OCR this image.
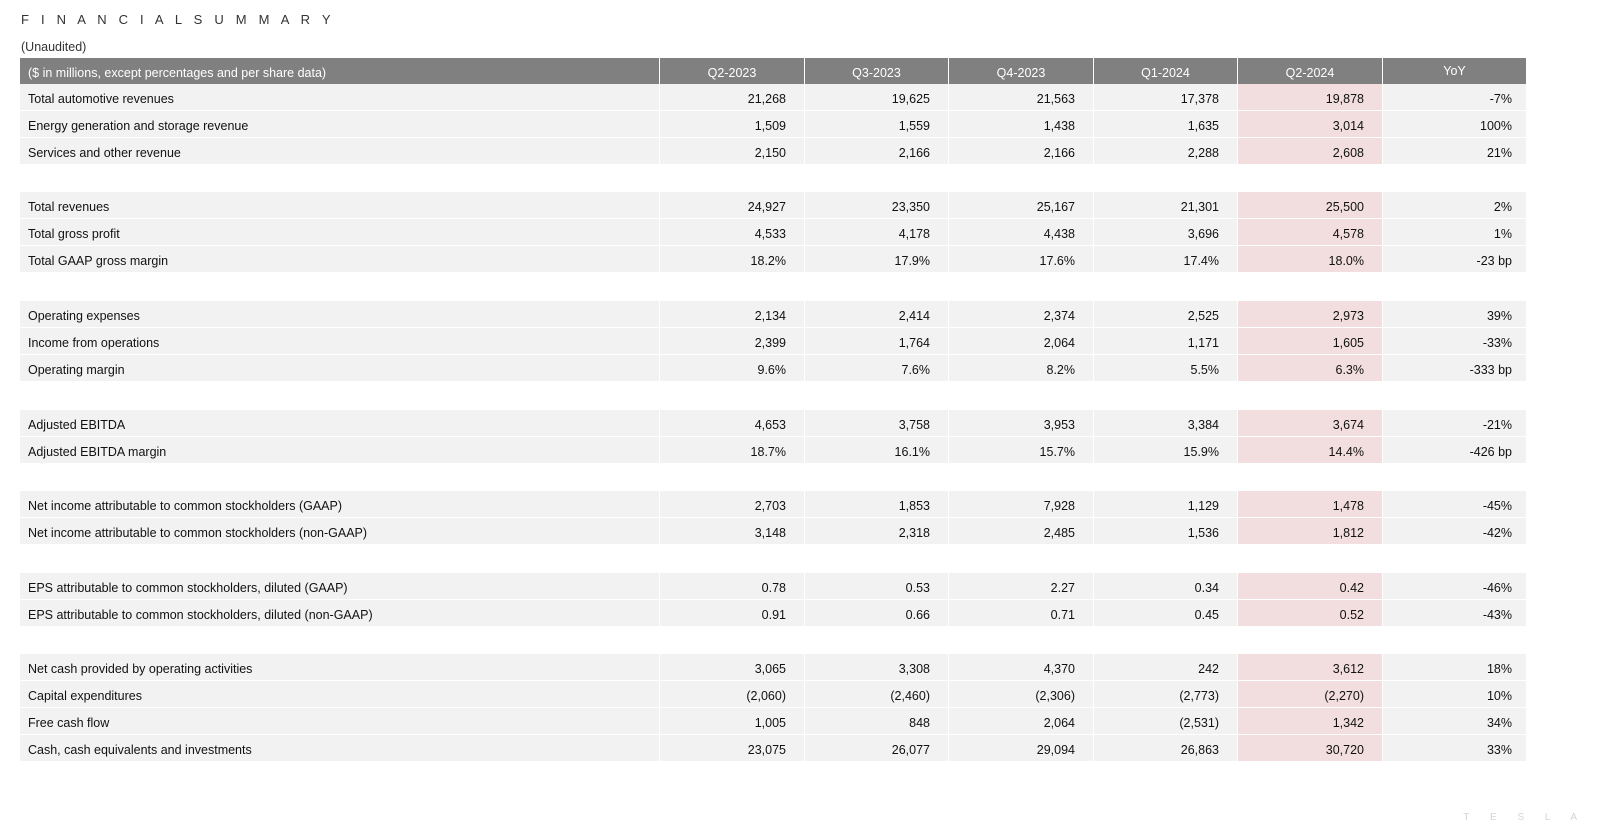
F I N A N C I A L S U M M A R Y
(Unaudited)
($ in millions, except percentages and per share data)	Q2-2023	Q3-2023	Q4-2023	Q1-2024	Q2-2024	YoY
Total automotive revenues	21,268	19,625	21,563	17,378	19,878	-7%
Energy generation and storage revenue	1,509	1,559	1,438	1,635	3,014	100%
Services and other revenue	2,150	2,166	2,166	2,288	2,608	21%
Total revenues	24,927	23,350	25,167	21,301	25,500	2%
Total gross profit	4,533	4,178	4,438	3,696	4,578	1%
Total GAAP gross margin	18.2%	17.9%	17.6%	17.4%	18.0%	-23 bp
Operating expenses	2,134	2,414	2,374	2,525	2,973	39%
Income from operations	2,399	1,764	2,064	1,171	1,605	-33%
Operating margin	9.6%	7.6%	8.2%	5.5%	6.3%	-333 bp
Adjusted EBITDA	4,653	3,758	3,953	3,384	3,674	-21%
Adjusted EBITDA margin	18.7%	16.1%	15.7%	15.9%	14.4%	-426 bp
Net income attributable to common stockholders (GAAP)	2,703	1,853	7,928	1,129	1,478	-45%
Net income attributable to common stockholders (non-GAAP)	3,148	2,318	2,485	1,536	1,812	-42%
EPS attributable to common stockholders, diluted (GAAP)	0.78	0.53	2.27	0.34	0.42	-46%
EPS attributable to common stockholders, diluted (non-GAAP)	0.91	0.66	0.71	0.45	0.52	-43%
Net cash provided by operating activities	3,065	3,308	4,370	242	3,612	18%
Capital expenditures	(2,060)	(2,460)	(2,306)	(2,773)	(2,270)	10%
Free cash flow	1,005	848	2,064	(2,531)	1,342	34%
Cash, cash equivalents and investments	23,075	26,077	29,094	26,863	30,720	33%
T E S L A
